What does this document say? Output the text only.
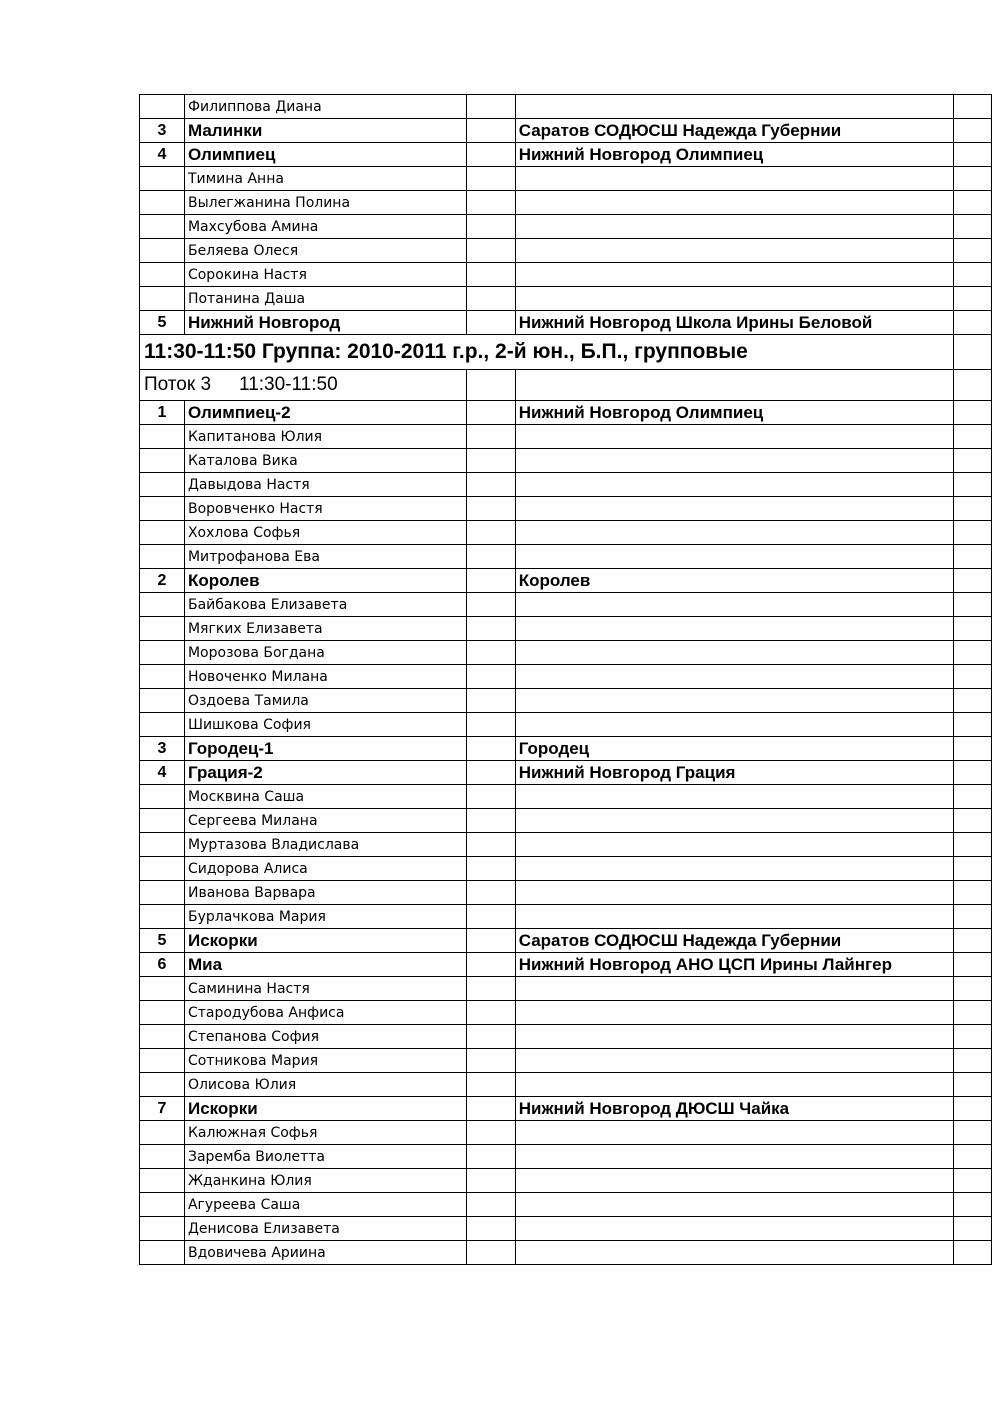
	Филиппова Диана			
3	Малинки		Саратов СОДЮСШ Надежда Губернии	
4	Олимпиец		Нижний Новгород Олимпиец	
	Тимина Анна			
	Вылегжанина Полина			
	Махсубова Амина			
	Беляева Олеся			
	Сорокина Настя			
	Потанина Даша			
5	Нижний Новгород		Нижний Новгород Школа Ирины Беловой	
11:30-11:50 Группа: 2010-2011 г.р., 2-й юн., Б.П., групповые				
Поток 3 11:30-11:50				
1	Олимпиец-2		Нижний Новгород Олимпиец	
	Капитанова Юлия			
	Каталова Вика			
	Давыдова Настя			
	Воровченко Настя			
	Хохлова Софья			
	Митрофанова Ева			
2	Королев		Королев	
	Байбакова Елизавета			
	Мягких Елизавета			
	Морозова Богдана			
	Новоченко Милана			
	Оздоева Тамила			
	Шишкова София			
3	Городец-1		Городец	
4	Грация-2		Нижний Новгород Грация	
	Москвина Саша			
	Сергеева Милана			
	Муртазова Владислава			
	Сидорова Алиса			
	Иванова Варвара			
	Бурлачкова Мария			
5	Искорки		Саратов СОДЮСШ Надежда Губернии	
6	Миа		Нижний Новгород АНО ЦСП Ирины Лайнгер	
	Саминина Настя			
	Стародубова Анфиса			
	Степанова София			
	Сотникова Мария			
	Олисова Юлия			
7	Искорки		Нижний Новгород ДЮСШ Чайка	
	Калюжная Софья			
	Заремба Виолетта			
	Жданкина Юлия			
	Агуреева Саша			
	Денисова Елизавета			
	Вдовичева Ариина			
